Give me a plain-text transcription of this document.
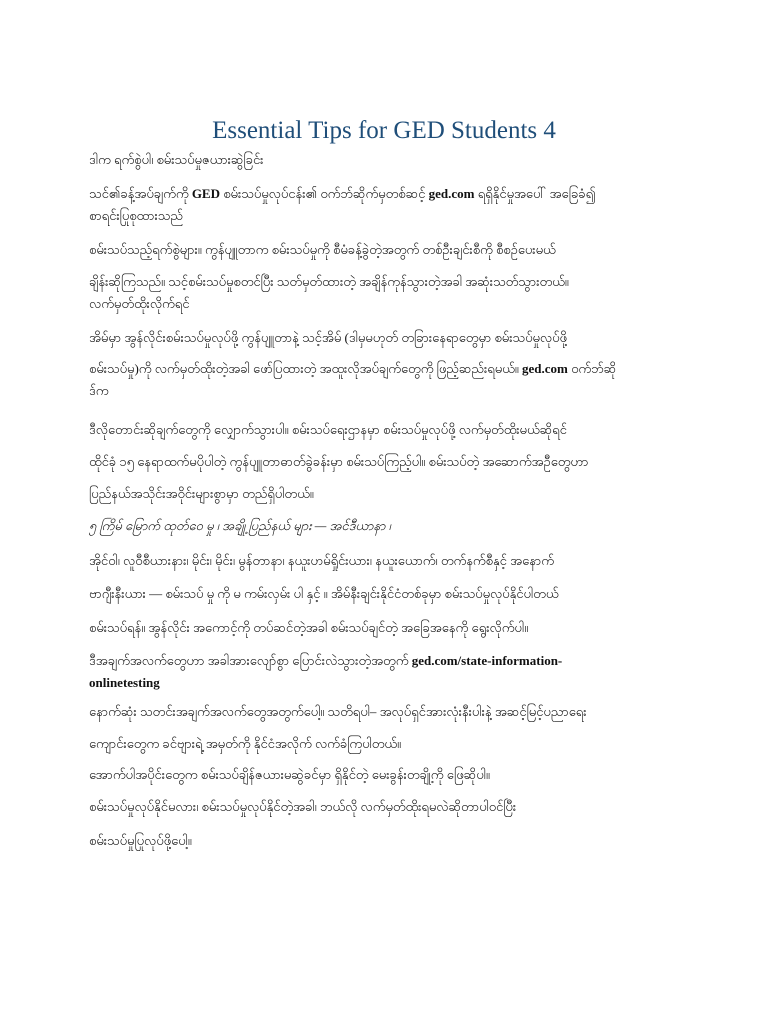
Essential Tips for GED Students 4
ဒါက ရက်စွဲပါ၊ စမ်းသပ်မှုဇယားဆွဲခြင်း
သင်၏ခန့်အပ်ချက်ကို GED စမ်းသပ်မှုလုပ်ငန်း၏ ဝက်ဘ်ဆိုက်မှတစ်ဆင့် ged.com ရရှိနိုင်မှုအပေါ် အခြေခံ၍
စာရင်းပြုစုထားသည်
စမ်းသပ်သည့်ရက်စွဲများ။ ကွန်ပျူတာက စမ်းသပ်မှုကို စီမံခန့်ခွဲတဲ့အတွက် တစ်ဦးချင်းစီကို စီစဉ်ပေးမယ်
ချိန်းဆိုကြသည်။ သင့်စမ်းသပ်မှုစတင်ပြီး သတ်မှတ်ထားတဲ့ အချိန်ကုန်သွားတဲ့အခါ အဆုံးသတ်သွားတယ်။
လက်မှတ်ထိုးလိုက်ရင်
အိမ်မှာ အွန်လိုင်းစမ်းသပ်မှုလုပ်ဖို့ ကွန်ပျူတာနဲ့ သင့်အိမ် (ဒါမှမဟုတ် တခြားနေရာတွေမှာ စမ်းသပ်မှုလုပ်ဖို့
စမ်းသပ်မှု)ကို လက်မှတ်ထိုးတဲ့အခါ ဖော်ပြထားတဲ့ အထူးလိုအပ်ချက်တွေကို ဖြည့်ဆည်းရမယ်။ ged.com ဝက်ဘ်ဆို
ဒ်က
ဒီလိုတောင်းဆိုချက်တွေကို လျှောက်သွားပါ။ စမ်းသပ်ရေးဌာနမှာ စမ်းသပ်မှုလုပ်ဖို့ လက်မှတ်ထိုးမယ်ဆိုရင်
ထိုင်ခုံ ၁၅ နေရာထက်မပိုပါတဲ့ ကွန်ပျူတာဓာတ်ခွဲခန်းမှာ စမ်းသပ်ကြည့်ပါ။ စမ်းသပ်တဲ့ အဆောက်အဦတွေဟာ
ပြည်နယ်အသိုင်းအဝိုင်းများစွာမှာ တည်ရှိပါတယ်။
၅ ကြိမ် မြောက် ထုတ်ဝေ မှု ၊ အချို့ ပြည်နယ် များ — အင်ဒီယာနာ ၊
အိုင်ဝါ၊ လူဝီစီယားနား၊ မိုင်း၊ မိုင်း၊ မွန်တာနာ၊ နယူးဟမ်ရှိုင်းယား၊ နယူးယောက်၊ တက်နက်စီနှင့် အနောက်
ဗာဂျီးနီးယား — စမ်းသပ် မှု ကို မ ကမ်းလှမ်း ပါ နှင့် ။ အိမ်နီးချင်းနိုင်ငံတစ်ခုမှာ စမ်းသပ်မှုလုပ်နိုင်ပါတယ်
စမ်းသပ်ရန်။ အွန်လိုင်း အကောင့်ကို တပ်ဆင်တဲ့အခါ စမ်းသပ်ချင်တဲ့ အခြေအနေကို ရွေးလိုက်ပါ။
ဒီအချက်အလက်တွေဟာ အခါအားလျော်စွာ ပြောင်းလဲသွားတဲ့အတွက် ged.com/state-information-
onlinetesting
နောက်ဆုံး သတင်းအချက်အလက်တွေအတွက်ပေါ့။ သတိရပါ– အလုပ်ရှင်အားလုံးနီးပါးနဲ့ အဆင့်မြင့်ပညာရေး
ကျောင်းတွေက ခင်ဗျားရဲ့ အမှတ်ကို နိုင်ငံအလိုက် လက်ခံကြပါတယ်။
အောက်ပါအပိုင်းတွေက စမ်းသပ်ချိန်ဇယားမဆွဲခင်မှာ ရှိနိုင်တဲ့ မေးခွန်းတချို့ကို ဖြေဆိုပါ။
စမ်းသပ်မှုလုပ်နိုင်မလား၊ စမ်းသပ်မှုလုပ်နိုင်တဲ့အခါ၊ ဘယ်လို လက်မှတ်ထိုးရမလဲဆိုတာပါဝင်ပြီး
စမ်းသပ်မှုပြုလုပ်ဖို့ပေါ့။
